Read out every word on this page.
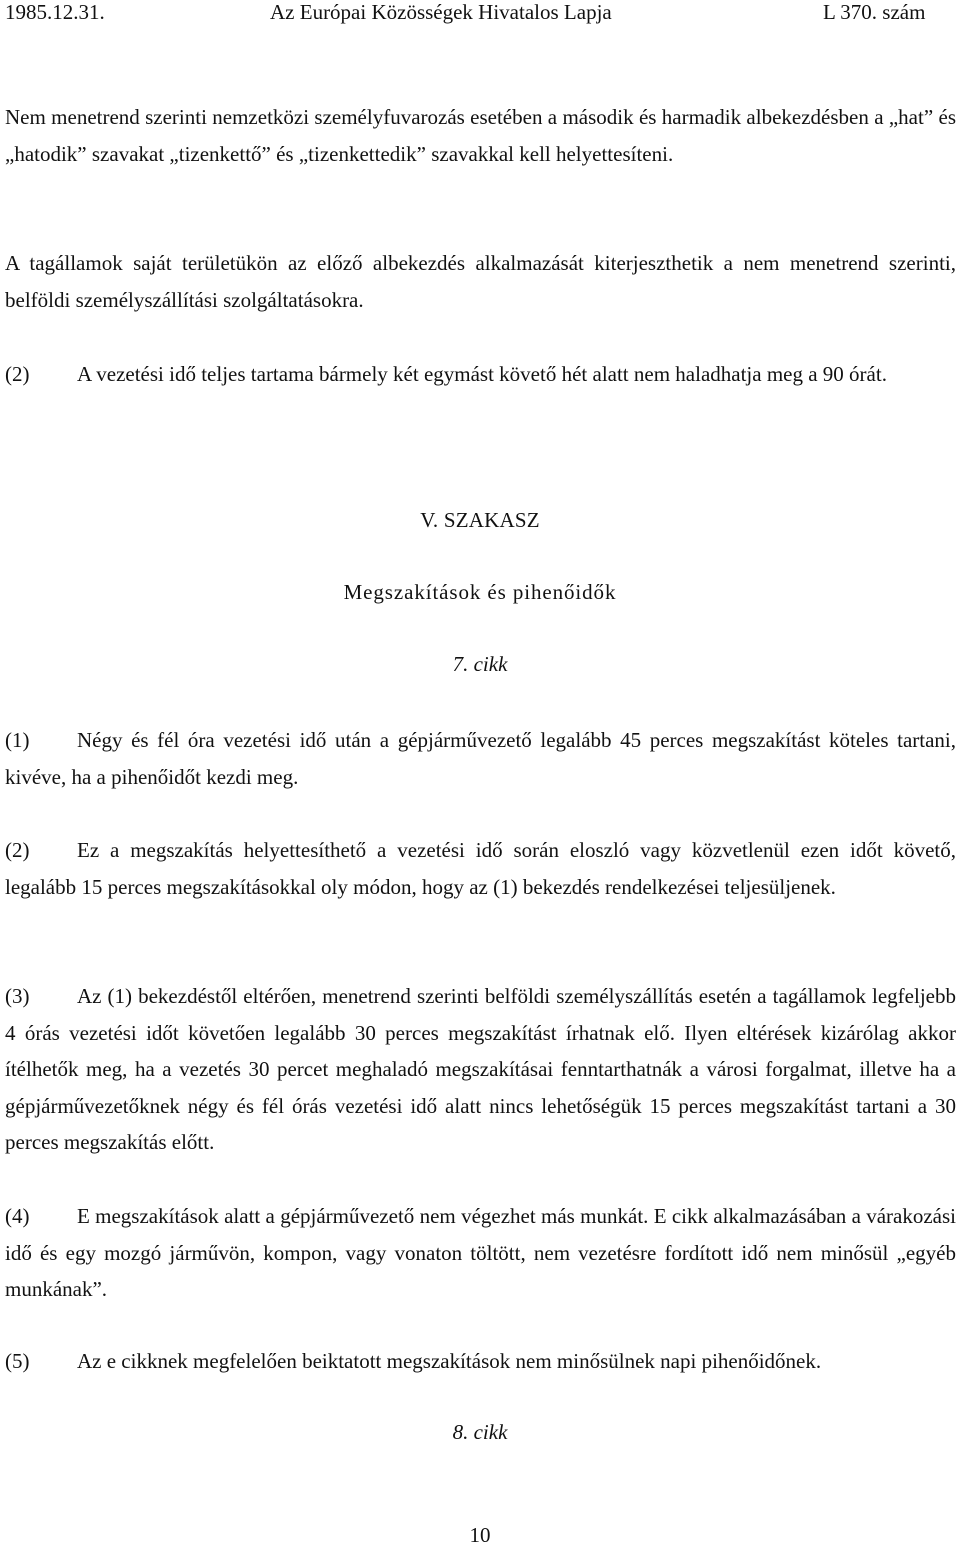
1985.12.31.	Az Európai Közösségek Hivatalos Lapja	L 370. szám
Nem menetrend szerinti nemzetközi személyfuvarozás esetében a második és harmadik albekezdésben a „hat” és „hatodik” szavakat „tizenkettő” és „tizenkettedik” szavakkal kell helyettesíteni.
A tagállamok saját területükön az előző albekezdés alkalmazását kiterjeszthetik a nem menetrend szerinti, belföldi személyszállítási szolgáltatásokra.
(2) A vezetési idő teljes tartama bármely két egymást követő hét alatt nem haladhatja meg a 90 órát.
V. SZAKASZ
Megszakítások és pihenőidők
7. cikk
(1) Négy és fél óra vezetési idő után a gépjárművezető legalább 45 perces megszakítást köteles tartani, kivéve, ha a pihenőidőt kezdi meg.
(2) Ez a megszakítás helyettesíthető a vezetési idő során eloszló vagy közvetlenül ezen időt követő, legalább 15 perces megszakításokkal oly módon, hogy az (1) bekezdés rendelkezései teljesüljenek.
(3) Az (1) bekezdéstől eltérően, menetrend szerinti belföldi személyszállítás esetén a tagállamok legfeljebb 4 órás vezetési időt követően legalább 30 perces megszakítást írhatnak elő. Ilyen eltérések kizárólag akkor ítélhetők meg, ha a vezetés 30 percet meghaladó megszakításai fenntarthatnák a városi forgalmat, illetve ha a gépjárművezetőknek négy és fél órás vezetési idő alatt nincs lehetőségük 15 perces megszakítást tartani a 30 perces megszakítás előtt.
(4) E megszakítások alatt a gépjárművezető nem végezhet más munkát. E cikk alkalmazásában a várakozási idő és egy mozgó járművön, kompon, vagy vonaton töltött, nem vezetésre fordított idő nem minősül „egyéb munkának”.
(5) Az e cikknek megfelelően beiktatott megszakítások nem minősülnek napi pihenőidőnek.
8. cikk
10
